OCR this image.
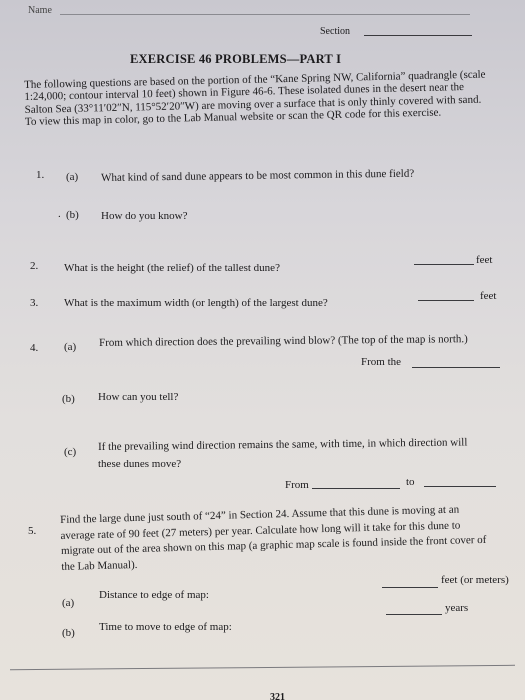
Name
Section
EXERCISE 46 PROBLEMS—PART I
The following questions are based on the portion of the “Kane Spring NW, California” quadrangle (scale 1:24,000; contour interval 10 feet) shown in Figure 46-6. These isolated dunes in the desert near the Salton Sea (33°11′02″N, 115°52′20″W) are moving over a surface that is only thinly covered with sand. To view this map in color, go to the Lab Manual website or scan the QR code for this exercise.
1. (a) What kind of sand dune appears to be most common in this dune field?
. (b) How do you know?
2. What is the height (the relief) of the tallest dune?
feet
3. What is the maximum width (or length) of the largest dune?
feet
4. (a) From which direction does the prevailing wind blow? (The top of the map is north.)
From the
(b) How can you tell?
(c) If the prevailing wind direction remains the same, with time, in which direction will
these dunes move?
From	to
5.
Find the large dune just south of “24” in Section 24. Assume that this dune is moving at an average rate of 90 feet (27 meters) per year. Calculate how long will it take for this dune to migrate out of the area shown on this map (a graphic map scale is found inside the front cover of the Lab Manual).
(a)
Distance to edge of map:
feet (or meters)
(b) Time to move to edge of map:
years
321
